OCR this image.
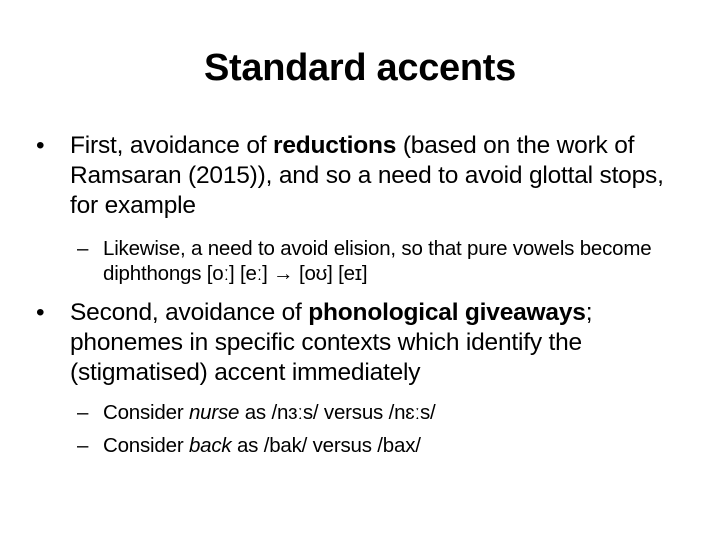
Standard accents
•	First, avoidance of reductions (based on the work of Ramsaran (2015)), and so a need to avoid glottal stops, for example
– Likewise, a need to avoid elision, so that pure vowels become diphthongs [oː] [eː] → [oʊ] [eɪ]
•	Second, avoidance of phonological giveaways; phonemes in specific contexts which identify the (stigmatised) accent immediately
– Consider nurse as /nɜːs/ versus /nɛːs/
– Consider back as /bak/ versus /bax/
